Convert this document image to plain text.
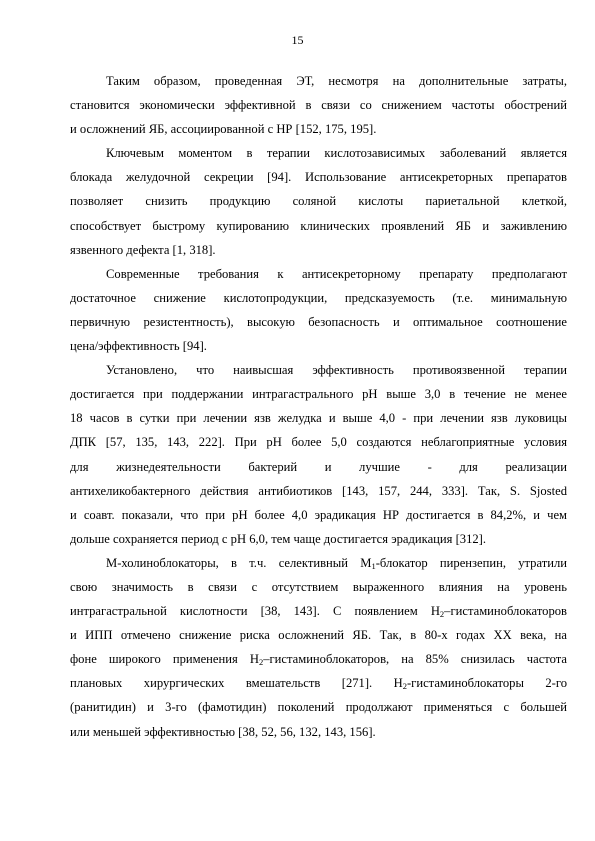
15
Таким образом, проведенная ЭТ, несмотря на дополнительные затраты,
становится экономически эффективной в связи со снижением частоты обострений
и осложнений ЯБ, ассоциированной с НР [152, 175, 195].
Ключевым моментом в терапии кислотозависимых заболеваний является
блокада желудочной секреции [94]. Использование антисекреторных препаратов
позволяет снизить продукцию соляной кислоты париетальной клеткой,
способствует быстрому купированию клинических проявлений ЯБ и заживлению
язвенного дефекта [1, 318].
Современные требования к антисекреторному препарату предполагают
достаточное снижение кислотопродукции, предсказуемость (т.е. минимальную
первичную резистентность), высокую безопасность и оптимальное соотношение
цена/эффективность [94].
Установлено, что наивысшая эффективность противоязвенной терапии
достигается при поддержании интрагастрального pH выше 3,0 в течение не менее
18 часов в сутки при лечении язв желудка и выше 4,0 - при лечении язв луковицы
ДПК [57, 135, 143, 222]. При pH более 5,0 создаются неблагоприятные условия
для жизнедеятельности бактерий и лучшие - для реализации
антихеликобактерного действия антибиотиков [143, 157, 244, 333]. Так, S. Sjosted
и соавт. показали, что при pH более 4,0 эрадикация НР достигается в 84,2%, и чем
дольше сохраняется период с pH 6,0, тем чаще достигается эрадикация [312].
М-холиноблокаторы, в т.ч. селективный $М_1$-блокатор пирензепин, утратили
свою значимость в связи с отсутствием выраженного влияния на уровень
интрагастральной кислотности [38, 143]. С появлением $Н_2$–гистаминоблокаторов
и ИПП отмечено снижение риска осложнений ЯБ. Так, в 80-х годах XX века, на
фоне широкого применения $Н_2$–гистаминоблокаторов, на 85% снизилась частота
плановых хирургических вмешательств [271]. $Н_2$-гистаминоблокаторы 2-го
(ранитидин) и 3-го (фамотидин) поколений продолжают применяться с большей
или меньшей эффективностью [38, 52, 56, 132, 143, 156].
